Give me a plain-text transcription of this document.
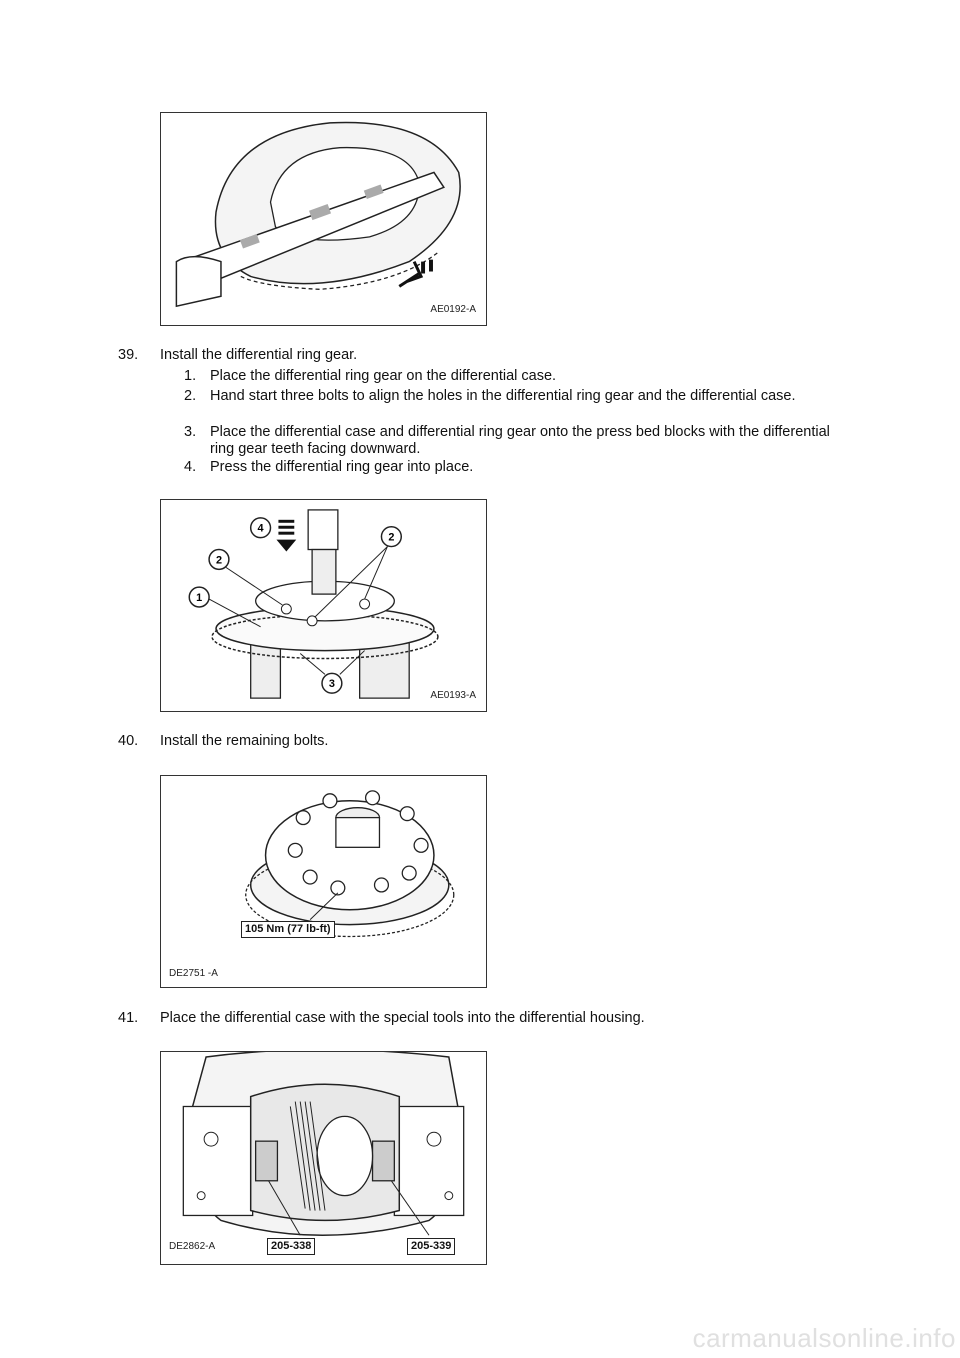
AE0192-A
39. Install the differential ring gear.
1. Place the differential ring gear on the differential case.
2. Hand start three bolts to align the holes in the differential ring gear and the differential case.
3. Place the differential case and differential ring gear onto the press bed blocks with the differential ring gear teeth facing downward.
4. Press the differential ring gear into place.
4
2
2
1
3
AE0193-A
40. Install the remaining bolts.
105 Nm (77 lb-ft)
DE2751 -A
41. Place the differential case with the special tools into the differential housing.
205-338	205-339
DE2862-A
carmanualsonline.info
